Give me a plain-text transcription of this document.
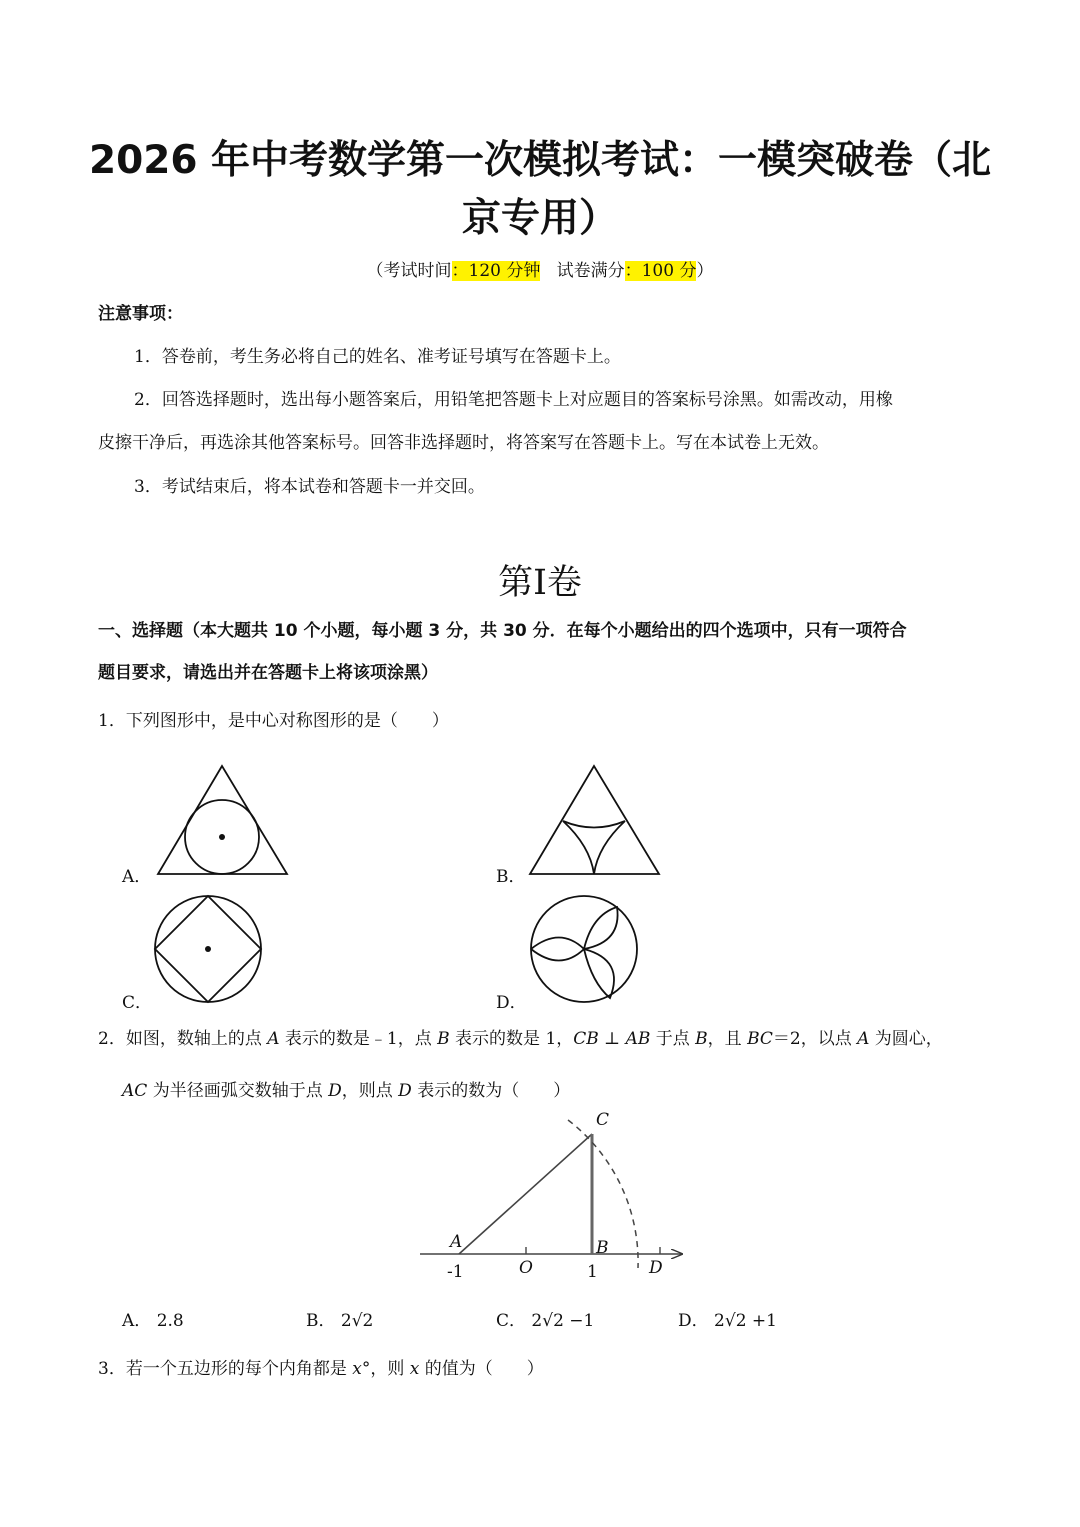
2026 年中考数学第一次模拟考试：一模突破卷（北
京专用）
（考试时间：120 分钟 试卷满分：100 分）
注意事项：
1．答卷前，考生务必将自己的姓名、准考证号填写在答题卡上。
2．回答选择题时，选出每小题答案后，用铅笔把答题卡上对应题目的答案标号涂黑。如需改动，用橡
皮擦干净后，再选涂其他答案标号。回答非选择题时，将答案写在答题卡上。写在本试卷上无效。
3．考试结束后，将本试卷和答题卡一并交回。
第I卷
一、选择题（本大题共 10 个小题，每小题 3 分，共 30 分．在每个小题给出的四个选项中，只有一项符合
题目要求，请选出并在答题卡上将该项涂黑）
1．下列图形中，是中心对称图形的是（　　）
A．	B．
C．	D．
2．如图，数轴上的点 A 表示的数是﹣1，点 B 表示的数是 1，CB ⊥ AB 于点 B，且 BC＝2，以点 A 为圆心，
AC 为半径画弧交数轴于点 D，则点 D 表示的数为（　　）
A	B
C
D
O
-1	1
A． 2.8	B． 2√2	C． 2√2 −1	D． 2√2 +1
3．若一个五边形的每个内角都是 x°，则 x 的值为（　　）
